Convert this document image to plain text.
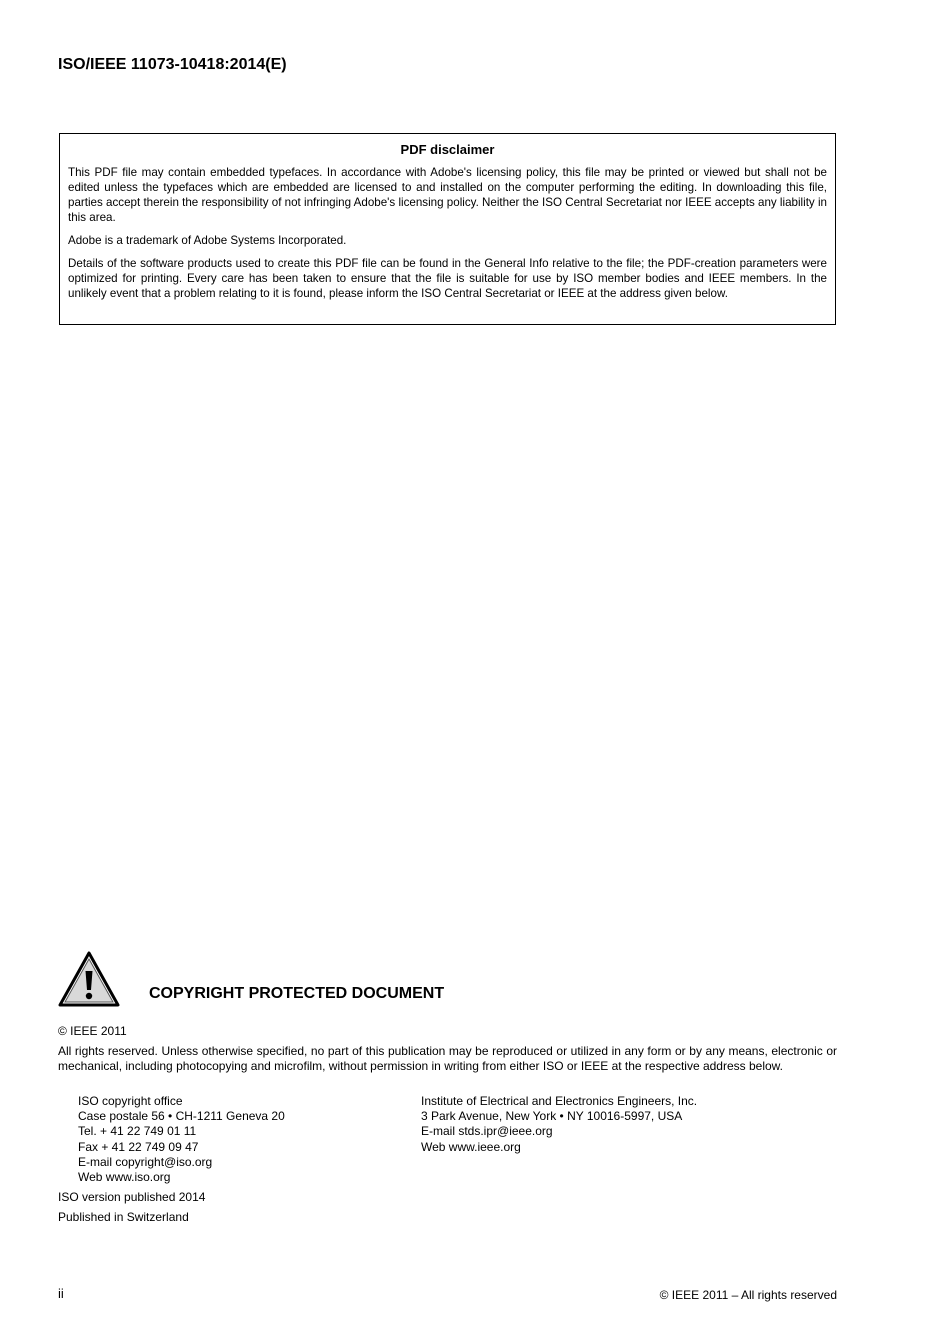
ISO/IEEE 11073-10418:2014(E)
PDF disclaimer

This PDF file may contain embedded typefaces. In accordance with Adobe's licensing policy, this file may be printed or viewed but shall not be edited unless the typefaces which are embedded are licensed to and installed on the computer performing the editing. In downloading this file, parties accept therein the responsibility of not infringing Adobe's licensing policy. Neither the ISO Central Secretariat nor IEEE accepts any liability in this area.

Adobe is a trademark of Adobe Systems Incorporated.

Details of the software products used to create this PDF file can be found in the General Info relative to the file; the PDF-creation parameters were optimized for printing. Every care has been taken to ensure that the file is suitable for use by ISO member bodies and IEEE members. In the unlikely event that a problem relating to it is found, please inform the ISO Central Secretariat or IEEE at the address given below.

COPYRIGHT PROTECTED DOCUMENT
© IEEE 2011

All rights reserved. Unless otherwise specified, no part of this publication may be reproduced or utilized in any form or by any means, electronic or mechanical, including photocopying and microfilm, without permission in writing from either ISO or IEEE at the respective address below.

ISO copyright office
Case postale 56 • CH-1211 Geneva 20
Tel. + 41 22 749 01 11
Fax + 41 22 749 09 47
E-mail copyright@iso.org
Web www.iso.org
Institute of Electrical and Electronics Engineers, Inc.
3 Park Avenue, New York • NY 10016-5997, USA
E-mail stds.ipr@ieee.org
Web www.ieee.org
ISO version published 2014
Published in Switzerland
ii	© IEEE 2011 – All rights reserved
